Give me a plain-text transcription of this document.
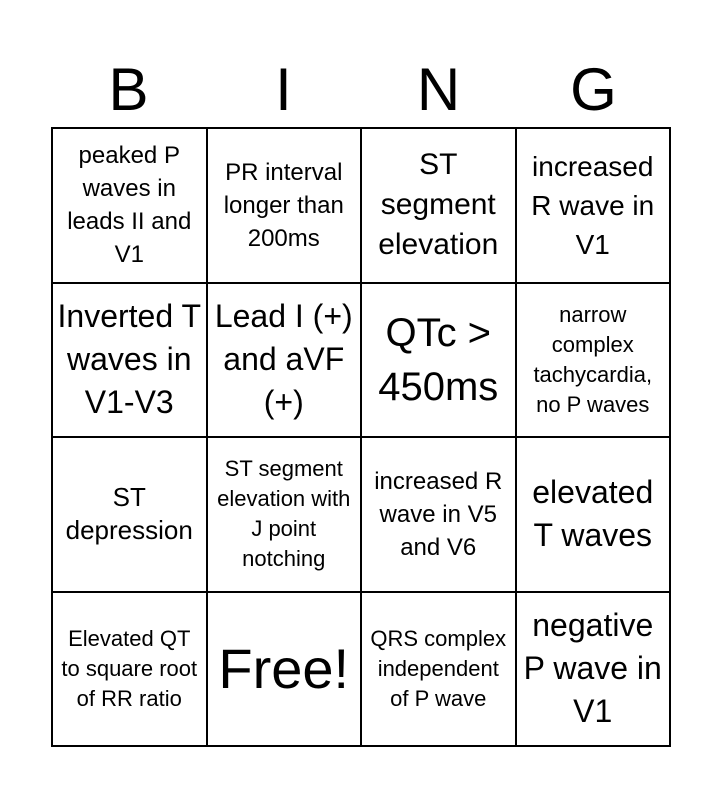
B	I	N	G
peaked P waves in leads II and V1
PR interval longer than 200ms
ST segment elevation
increased R wave in V1
Inverted T waves in V1-V3
Lead I (+) and aVF (+)
QTc > 450ms
narrow complex tachycardia, no P waves
ST depression
ST segment elevation with J point notching
increased R wave in V5 and V6
elevated T waves
Elevated QT to square root of RR ratio Free! QRS complex independent of P wave
negative P wave in V1
